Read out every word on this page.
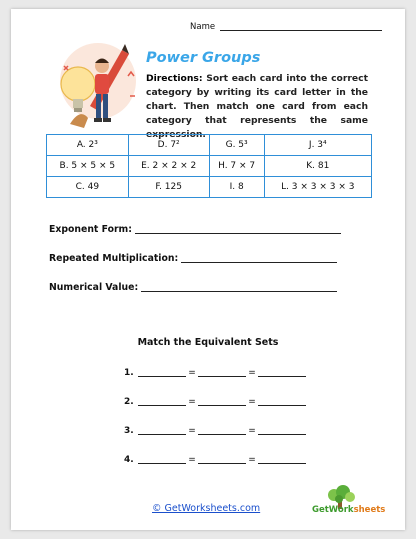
Name
Power Groups
Directions: Sort each card into the correct category by writing its card letter in the chart. Then match one card from each category that represents the same expression.
A. 2³	D. 7²	G. 5³	J. 3⁴
B. 5 × 5 × 5	E. 2 × 2 × 2	H. 7 × 7	K. 81
C. 49	F. 125	I. 8	L. 3 × 3 × 3 × 3
Exponent Form:
Repeated Multiplication:
Numerical Value:
Match the Equivalent Sets
1.	=	=
2.	=	=
3.	=	=
4.	=	=
© GetWorksheets.com	GetWorksheets
